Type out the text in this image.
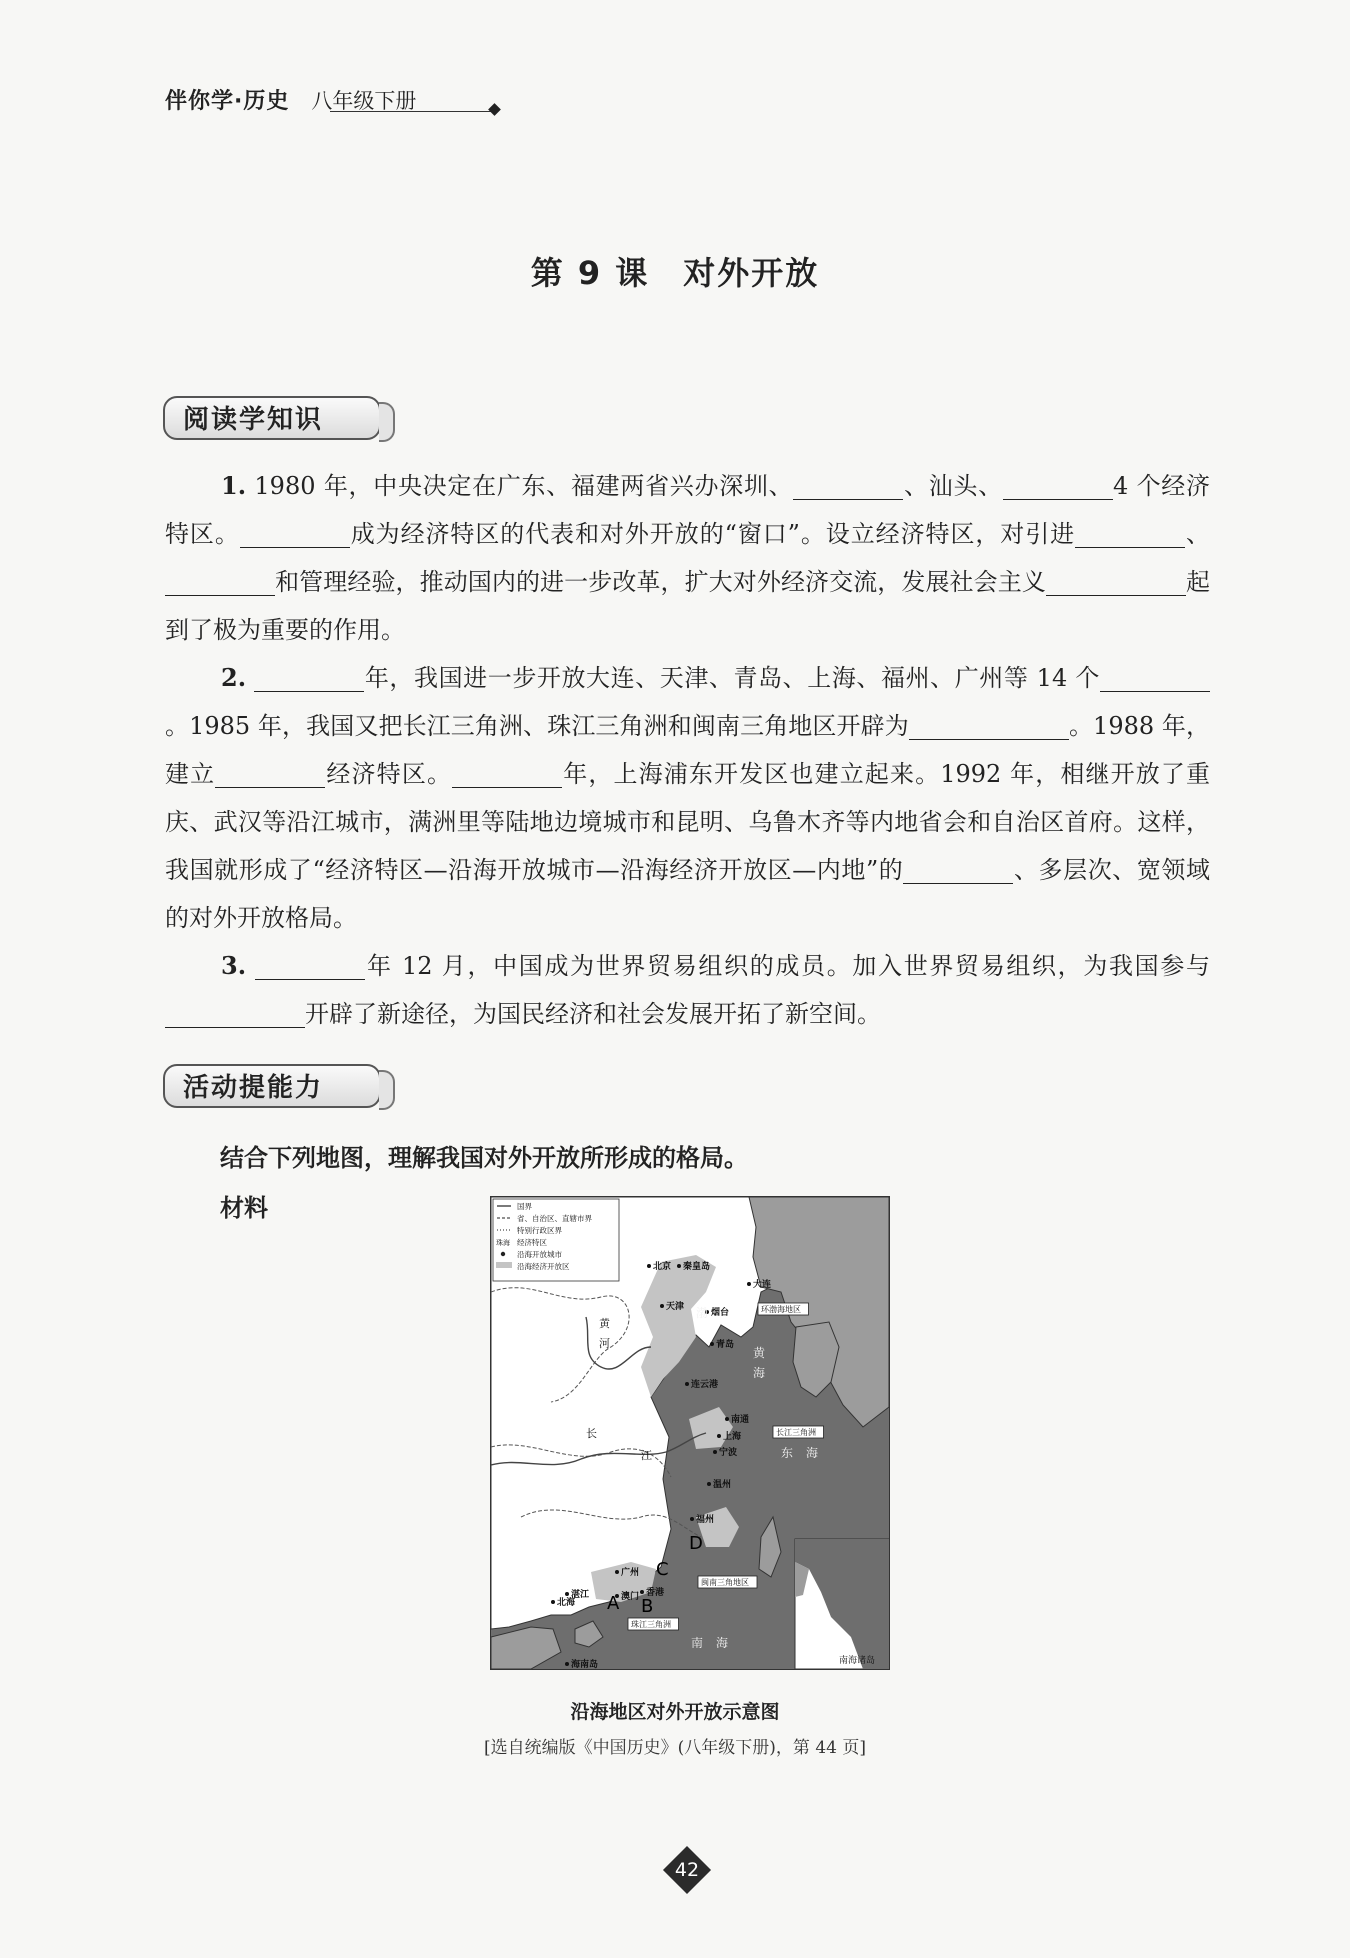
伴你学·历史 八年级下册
第 9 课 对外开放
阅读学知识

1. 1980 年，中央决定在广东、福建两省兴办深圳、	、汕头、	4 个经济特区。	成为经济特区的代表和对外开放的“窗口”。设立经济特区，对引进	、和管理经验，推动国内的进一步改革，扩大对外经济交流，发展社会主义	起到了极为重要的作用。

2.	年，我国进一步开放大连、天津、青岛、上海、福州、广州等 14 个。1985 年，我国又把长江三角洲、珠江三角洲和闽南三角地区开辟为	。1988 年，建立	经济特区。	年，上海浦东开发区也建立起来。1992 年，相继开放了重庆、武汉等沿江城市，满洲里等陆地边境城市和昆明、乌鲁木齐等内地省会和自治区首府。这样，我国就形成了“经济特区—沿海开放城市—沿海经济开放区—内地”的	、多层次、宽领域的对外开放格局。

3.	年 12 月，中国成为世界贸易组织的成员。加入世界贸易组织，为我国参与开辟了新途径，为国民经济和社会发展开拓了新空间。

活动提能力
结合下列地图，理解我国对外开放所形成的格局。
材料	国界
省、自治区、直辖市界
特别行政区界
珠海 经济特区
沿海开放城市
沿海经济开放区	北京 秦皇岛
天津
大连
烟台
青岛
连云港
南通
上海
宁波
温州
福州
广州
湛江	香港
澳门
海南岛
北海
环渤海地区
长江三角洲
闽南三角地区
珠江三角洲
黄
海
东 海
渤
南 海
黄
河
长
江
A B
C
D
南海诸岛
沿海地区对外开放示意图
[选自统编版《中国历史》(八年级下册)，第 44 页]
42
